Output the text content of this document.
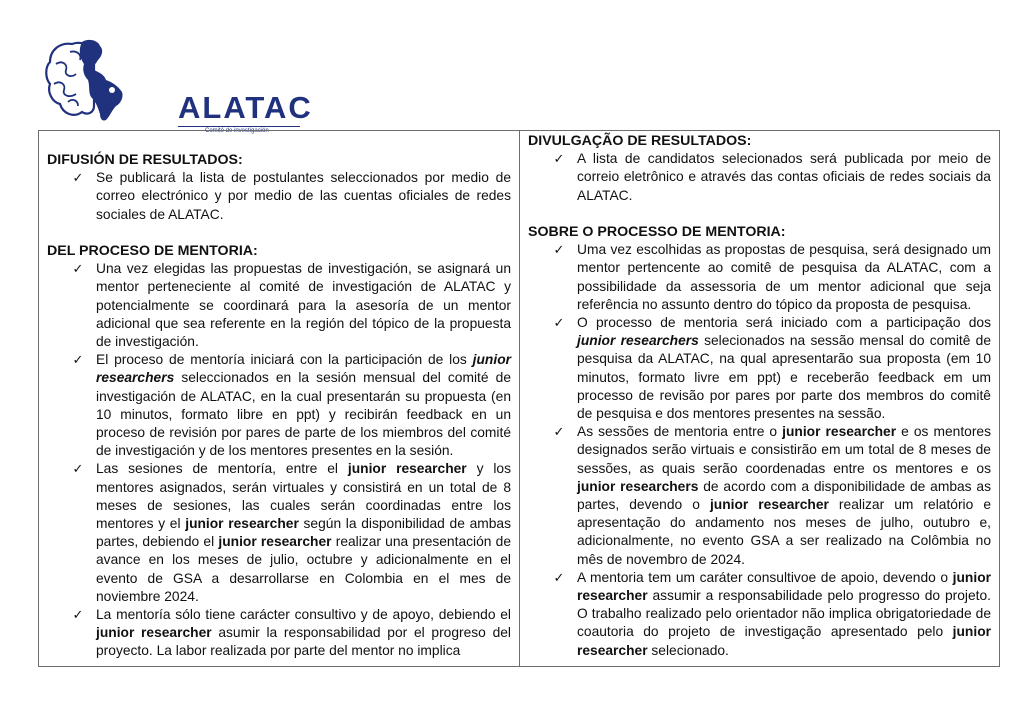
ALATAC
Comité de investigación
DIFUSIÓN DE RESULTADOS:
✓ Se publicará la lista de postulantes seleccionados por medio de correo electrónico y por medio de las cuentas oficiales de redes sociales de ALATAC.
DEL PROCESO DE MENTORIA:
✓ Una vez elegidas las propuestas de investigación, se asignará un mentor perteneciente al comité de investigación de ALATAC y potencialmente se coordinará para la asesoría de un mentor adicional que sea referente en la región del tópico de la propuesta de investigación.
✓ El proceso de mentoría iniciará con la participación de los junior researchers seleccionados en la sesión mensual del comité de investigación de ALATAC, en la cual presentarán su propuesta (en 10 minutos, formato libre en ppt) y recibirán feedback en un proceso de revisión por pares de parte de los miembros del comité de investigación y de los mentores presentes en la sesión.
✓ Las sesiones de mentoría, entre el junior researcher y los mentores asignados, serán virtuales y consistirá en un total de 8 meses de sesiones, las cuales serán coordinadas entre los mentores y el junior researcher según la disponibilidad de ambas partes, debiendo el junior researcher realizar una presentación de avance en los meses de julio, octubre y adicionalmente en el evento de GSA a desarrollarse en Colombia en el mes de noviembre 2024.
✓ La mentoría sólo tiene carácter consultivo y de apoyo, debiendo el junior researcher asumir la responsabilidad por el progreso del proyecto. La labor realizada por parte del mentor no implica
DIVULGAÇÃO DE RESULTADOS:
✓ A lista de candidatos selecionados será publicada por meio de correio eletrônico e através das contas oficiais de redes sociais da ALATAC.
SOBRE O PROCESSO DE MENTORIA:
✓ Uma vez escolhidas as propostas de pesquisa, será designado um mentor pertencente ao comitê de pesquisa da ALATAC, com a possibilidade da assessoria de um mentor adicional que seja referência no assunto dentro do tópico da proposta de pesquisa.
✓ O processo de mentoria será iniciado com a participação dos junior researchers selecionados na sessão mensal do comitê de pesquisa da ALATAC, na qual apresentarão sua proposta (em 10 minutos, formato livre em ppt) e receberão feedback em um processo de revisão por pares por parte dos membros do comitê de pesquisa e dos mentores presentes na sessão.
✓ As sessões de mentoria entre o junior researcher e os mentores designados serão virtuais e consistirão em um total de 8 meses de sessões, as quais serão coordenadas entre os mentores e os junior researchers de acordo com a disponibilidade de ambas as partes, devendo o junior researcher realizar um relatório e apresentação do andamento nos meses de julho, outubro e, adicionalmente, no evento GSA a ser realizado na Colômbia no mês de novembro de 2024.
✓ A mentoria tem um caráter consultivoe de apoio, devendo o junior researcher assumir a responsabilidade pelo progresso do projeto. O trabalho realizado pelo orientador não implica obrigatoriedade de coautoria do projeto de investigação apresentado pelo junior researcher selecionado.
